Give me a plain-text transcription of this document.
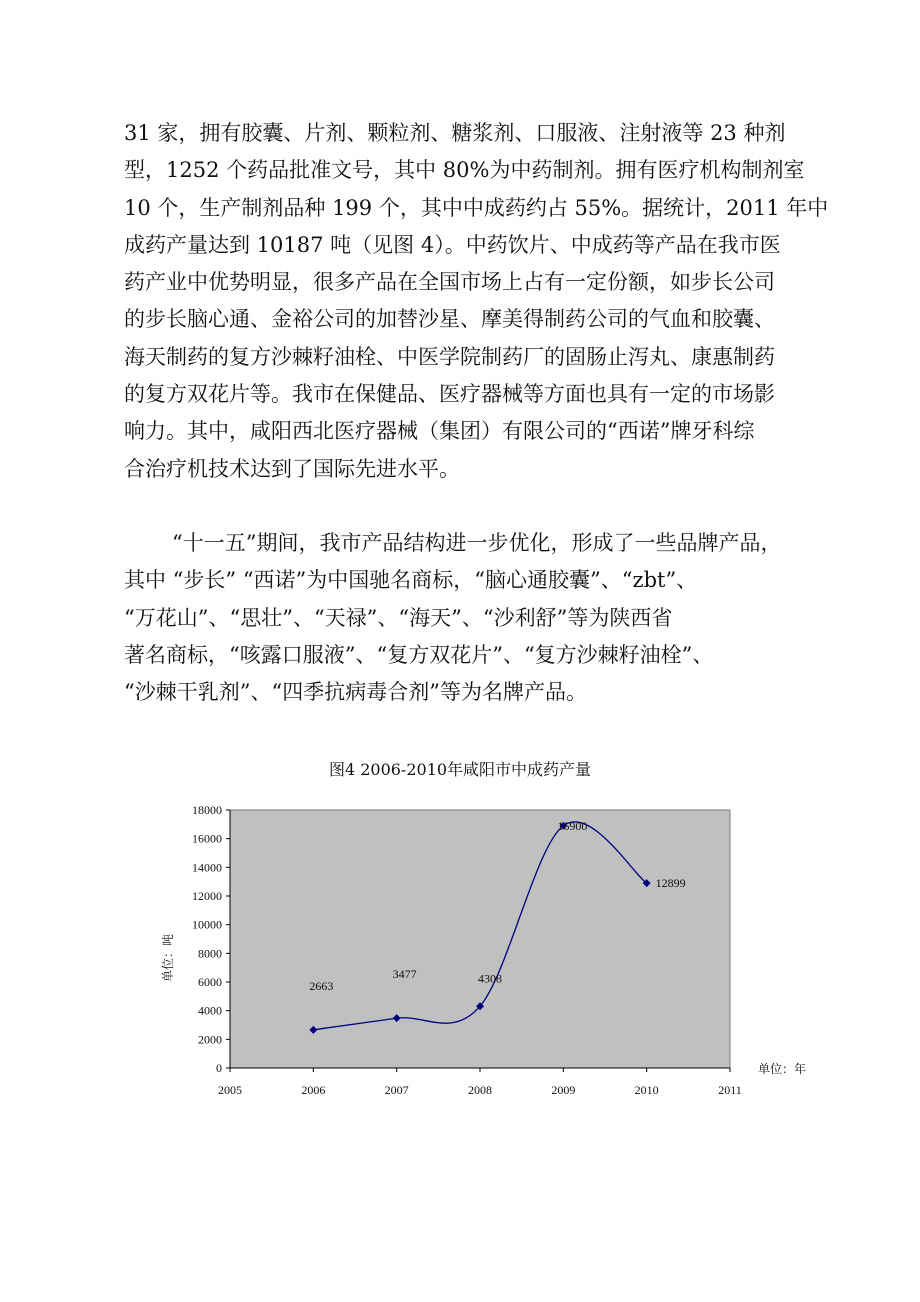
31 家，拥有胶囊、片剂、颗粒剂、糖浆剂、口服液、注射液等 23 种剂
型，1252 个药品批准文号，其中 80%为中药制剂。拥有医疗机构制剂室
10 个，生产制剂品种 199 个，其中中成药约占 55%。据统计，2011 年中
成药产量达到 10187 吨（见图 4）。中药饮片、中成药等产品在我市医
药产业中优势明显，很多产品在全国市场上占有一定份额，如步长公司
的步长脑心通、金裕公司的加替沙星、摩美得制药公司的气血和胶囊、
海天制药的复方沙棘籽油栓、中医学院制药厂的固肠止泻丸、康惠制药
的复方双花片等。我市在保健品、医疗器械等方面也具有一定的市场影
响力。其中，咸阳西北医疗器械（集团）有限公司的“西诺”牌牙科综
合治疗机技术达到了国际先进水平。
“十一五”期间，我市产品结构进一步优化，形成了一些品牌产品，
其中 “步长” “西诺”为中国驰名商标，“脑心通胶囊”、“zbt”、
“万花山”、“思壮”、“天禄”、“海天”、“沙利舒”等为陕西省
著名商标，“咳露口服液”、“复方双花片”、“复方沙棘籽油栓”、
“沙棘干乳剂”、“四季抗病毒合剂”等为名牌产品。
图4 2006-2010年咸阳市中成药产量
0
2000
4000
6000
8000
10000
12000
14000
16000
18000
2005	2006	2007	2008	2009	2010	2011
2663
3477	4308
16900
12899
单位：吨
单位：年
